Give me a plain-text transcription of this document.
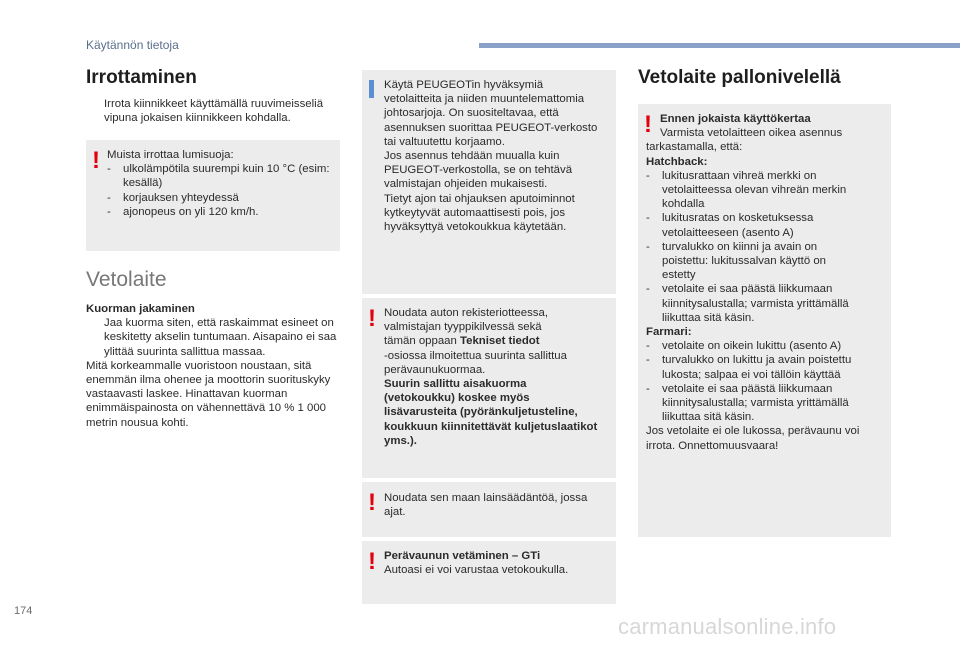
Käytännön tietoja
Irrottaminen
Irrota kiinnikkeet käyttämällä ruuvimeisseliä vipuna jokaisen kiinnikkeen kohdalla.
! Muista irrottaa lumisuoja:
- ulkolämpötila suurempi kuin 10 °C (esim: kesällä)
- korjauksen yhteydessä
- ajonopeus on yli 120 km/h.
Vetolaite
Kuorman jakaminen
Jaa kuorma siten, että raskaimmat esineet on keskitetty akselin tuntumaan. Aisapaino ei saa ylittää suurinta sallittua massaa.
Mitä korkeammalle vuoristoon noustaan, sitä enemmän ilma ohenee ja moottorin suorituskyky vastaavasti laskee. Hinattavan kuorman enimmäispainosta on vähennettävä 10 % 1 000 metrin nousua kohti.
Käytä PEUGEOTin hyväksymiä
vetolaitteita ja niiden muuntelemattomia
johtosarjoja. On suositeltavaa, että
asennuksen suorittaa PEUGEOT-verkosto
tai valtuutettu korjaamo.
Jos asennus tehdään muualla kuin
PEUGEOT-verkostolla, se on tehtävä
valmistajan ohjeiden mukaisesti.
Tietyt ajon tai ohjauksen aputoiminnot
kytkeytyvät automaattisesti pois, jos
hyväksyttyä vetokoukkua käytetään.
! Noudata auton rekisteriotteessa,
valmistajan tyyppikilvessä sekä
tämän oppaan Tekniset tiedot
-osiossa ilmoitettua suurinta sallittua
perävaunukuormaa.
Suurin sallittu aisakuorma
(vetokoukku) koskee myös
lisävarusteita (pyöränkuljetusteline,
koukkuun kiinnitettävät kuljetuslaatikot
yms.).
! Noudata sen maan lainsäädäntöä, jossa
ajat.
! Perävaunun vetäminen – GTi
Autoasi ei voi varustaa vetokoukulla.
Vetolaite pallonivelellä
! Ennen jokaista käyttökertaa
Varmista vetolaitteen oikea asennus
tarkastamalla, että:
Hatchback:
- lukitusrattaan vihreä merkki on
vetolaitteessa olevan vihreän merkin
kohdalla
- lukitusratas on kosketuksessa
vetolaitteeseen (asento A)
- turvalukko on kiinni ja avain on
poistettu: lukitussalvan käyttö on
estetty
- vetolaite ei saa päästä liikkumaan
kiinnitysalustalla; varmista yrittämällä
liikuttaa sitä käsin.
Farmari:
- vetolaite on oikein lukittu (asento A)
- turvalukko on lukittu ja avain poistettu
lukosta; salpaa ei voi tällöin käyttää
- vetolaite ei saa päästä liikkumaan
kiinnitysalustalla; varmista yrittämällä
liikuttaa sitä käsin.
Jos vetolaite ei ole lukossa, perävaunu voi
irrota. Onnettomuusvaara!
174
carmanualsonline.info
